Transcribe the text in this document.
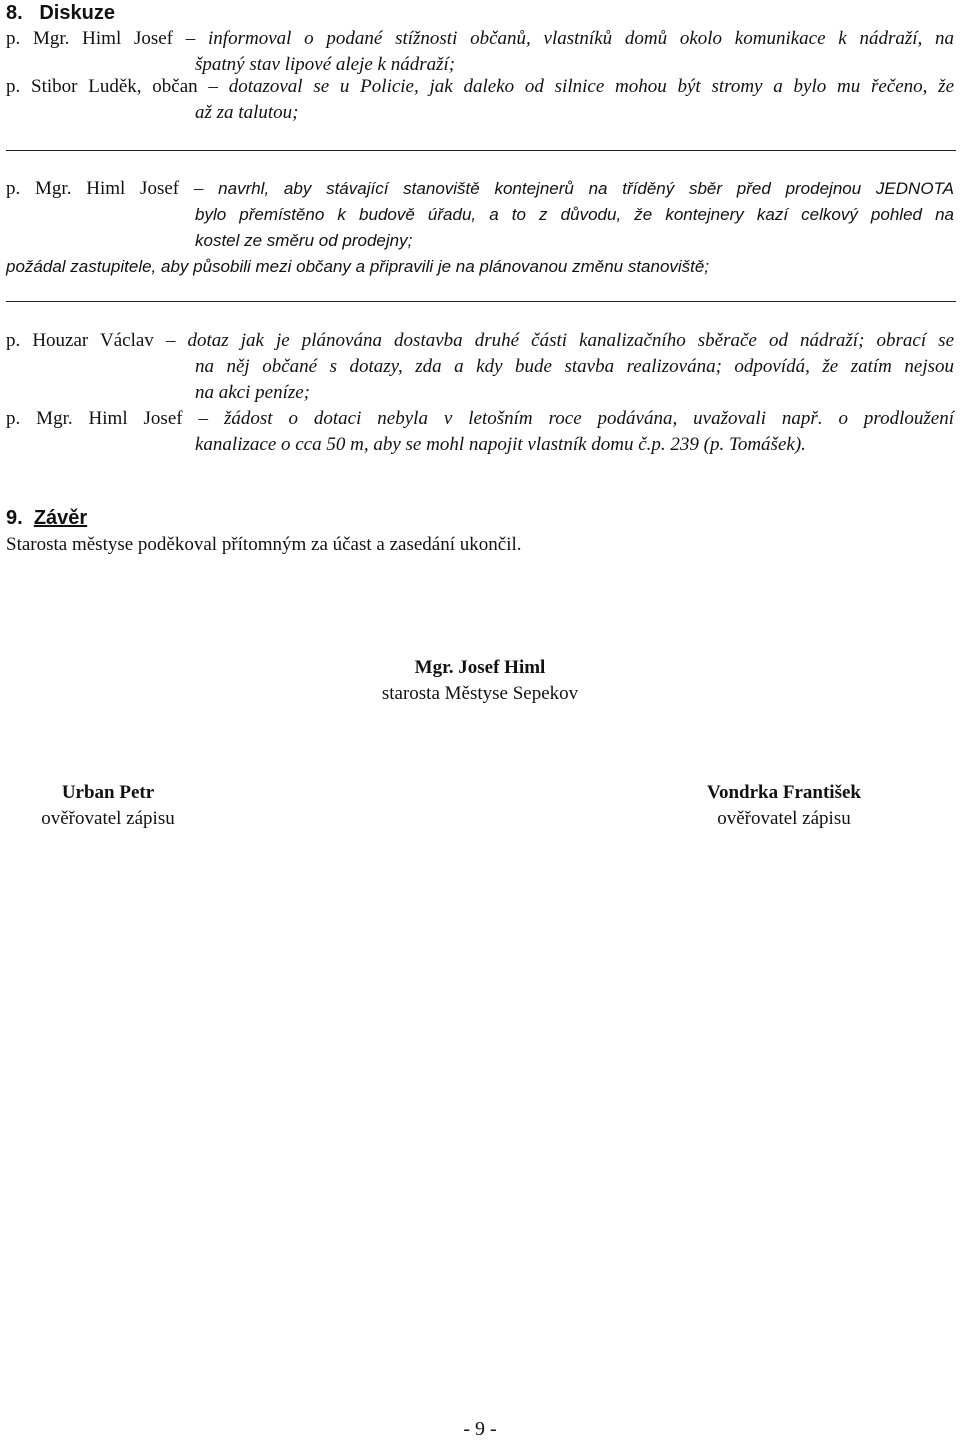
8. Diskuze
p. Mgr. Himl Josef – informoval o podané stížnosti občanů, vlastníků domů okolo komunikace k nádraží, na
špatný stav lipové aleje k nádraží;
p. Stibor Luděk, občan – dotazoval se u Policie, jak daleko od silnice mohou být stromy a bylo mu řečeno, že
až za talutou;
p. Mgr. Himl Josef – navrhl, aby stávající stanoviště kontejnerů na tříděný sběr před prodejnou JEDNOTA
bylo přemístěno k budově úřadu, a to z důvodu, že kontejnery kazí celkový pohled na
kostel ze směru od prodejny;
požádal zastupitele, aby působili mezi občany a připravili je na plánovanou změnu stanoviště;
p. Houzar Václav – dotaz jak je plánována dostavba druhé části kanalizačního sběrače od nádraží; obrací se
na něj občané s dotazy, zda a kdy bude stavba realizována; odpovídá, že zatím nejsou
na akci peníze;
p. Mgr. Himl Josef – žádost o dotaci nebyla v letošním roce podávána, uvažovali např. o prodloužení
kanalizace o cca 50 m, aby se mohl napojit vlastník domu č.p. 239 (p. Tomášek).
9. Závěr
Starosta městyse poděkoval přítomným za účast a zasedání ukončil.
Mgr. Josef Himl
starosta Městyse Sepekov
Urban Petr
ověřovatel zápisu
Vondrka František
ověřovatel zápisu
- 9 -
